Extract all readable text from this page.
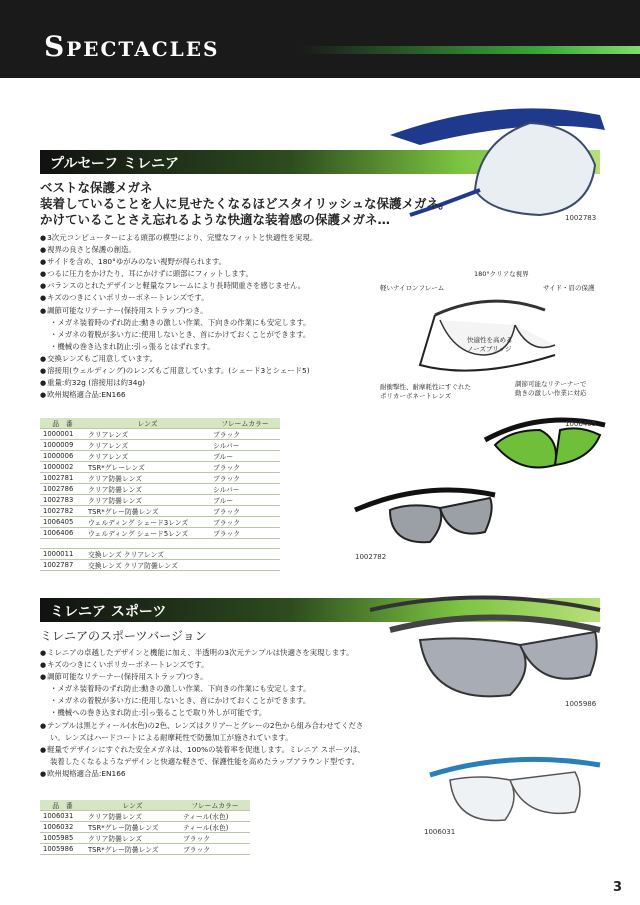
Spectacles
プルセーフ ミレニア
1002783
ベストな保護メガネ
装着していることを人に見せたくなるほどスタイリッシュな保護メガネ。
かけていることさえ忘れるような快適な装着感の保護メガネ…
● 3次元コンピューターによる頭部の模型により、完璧なフィットと快適性を実現。
● 視界の良さと保護の創造。
● サイドを含め、180°ゆがみのない視野が得られます。
● つるに圧力をかけたり、耳にかけずに頭部にフィットします。
● バランスのとれたデザインと軽量なフレームにより長時間重さを感じません。
● キズのつきにくいポリカーボネートレンズです。
● 調節可能なリテーナー(保持用ストラップ)つき。
・メガネ装着時のずれ防止:動きの激しい作業、下向きの作業にも安定します。
・メガネの着脱が多い方に:使用しないとき、首にかけておくことができます。
・機械の巻き込まれ防止:引っ張るとはずれます。
● 交換レンズもご用意しています。
● 溶接用(ウェルディング)のレンズもご用意しています。(シェード3とシェード5)
● 重量:約32g (溶接用は約34g)
● 欧州規格適合品:EN166
180°クリアな視界
軽いナイロンフレーム	サイド・眉の保護
快適性を高める
ノーズブリッジ
耐衝撃性、耐摩耗性にすぐれた
ポリカーボネートレンズ
調節可能なリテーナーで
動きの激しい作業に対応
品　番	レンズ	フレームカラー
1000001	クリアレンズ	ブラック
1000009	クリアレンズ	シルバー
1000006	クリアレンズ	ブルー
1000002	TSR*グレーレンズ	ブラック
1002781	クリア防曇レンズ	ブラック
1002786	クリア防曇レンズ	シルバー
1002783	クリア防曇レンズ	ブルー
1002782	TSR*グレー防曇レンズ	ブラック
1006405	ウェルディング シェード3レンズ	ブラック
1006406	ウェルディング シェード5レンズ	ブラック

1000011	交換レンズ クリアレンズ	
1002787	交換レンズ クリア防曇レンズ	
1006405
1002782
ミレニア スポーツ
ミレニアのスポーツバージョン
1005986
● ミレニアの卓越したデザインと機能に加え、半透明の3次元テンプルは快適さを実現します。
● キズのつきにくいポリカーボネートレンズです。
● 調節可能なリテーナー(保持用ストラップ)つき。
・メガネ装着時のずれ防止:動きの激しい作業、下向きの作業にも安定します。
・メガネの着脱が多い方に:使用しないとき、首にかけておくことができます。
・機械への巻き込まれ防止:引っ張ることで取り外しが可能です。
● テンプルは黒とティール(水色)の2色、レンズはクリアーとグレーの2色から組み合わせてくださ
い。レンズはハードコートによる耐摩耗性で防曇加工が施されています。
● 軽量でデザインにすぐれた安全メガネは、100%の装着率を促進します。ミレニア スポーツは、
装着したくなるようなデザインと快適な軽さで、保護性能を高めたラップアラウンド型です。
● 欧州規格適合品:EN166
品　番	レンズ	フレームカラー
1006031	クリア防曇レンズ	ティール(水色)
1006032	TSR*グレー防曇レンズ	ティール(水色)
1005985	クリア防曇レンズ	ブラック
1005986	TSR*グレー防曇レンズ	ブラック
1006031
3
